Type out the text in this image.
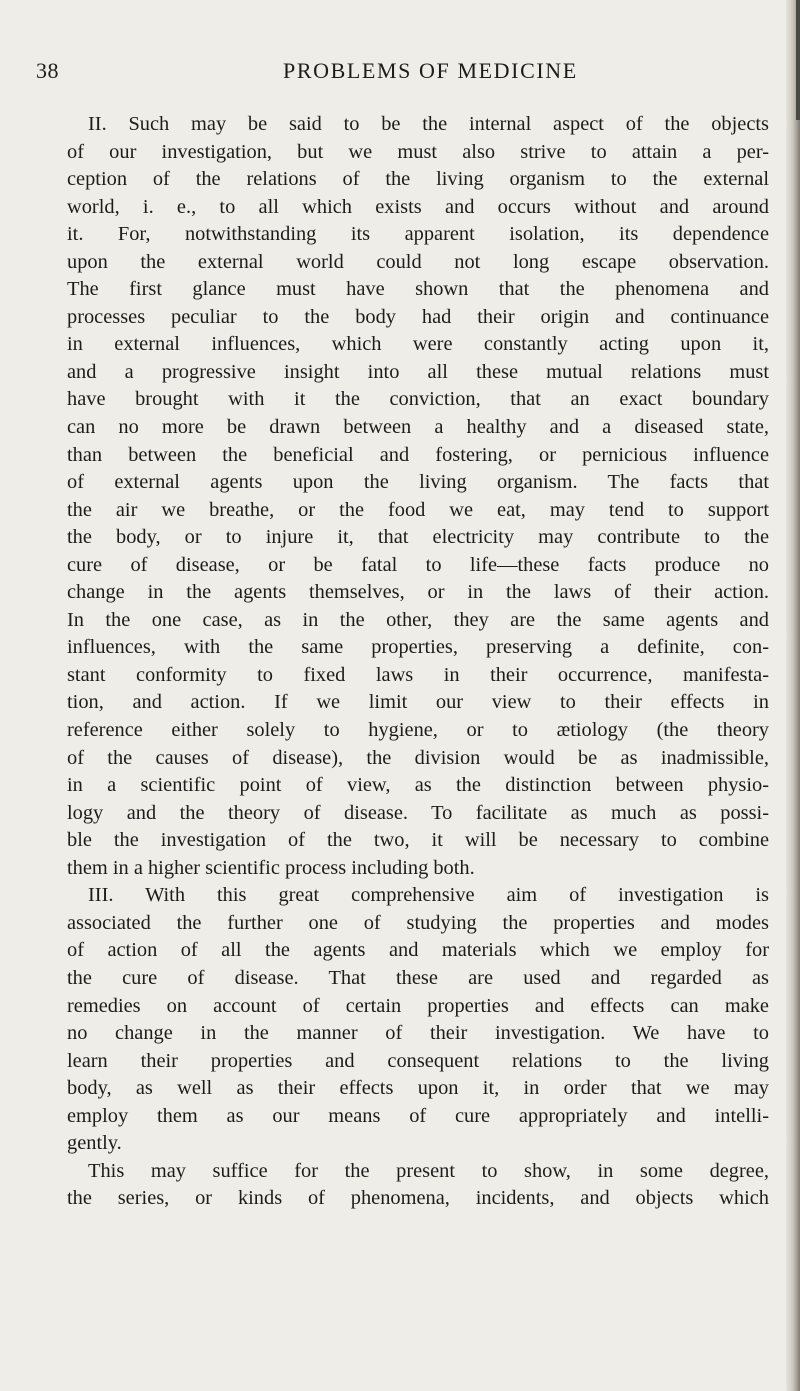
38	PROBLEMS OF MEDICINE
II. Such may be said to be the internal aspect of the objects
of our investigation, but we must also strive to attain a per-
ception of the relations of the living organism to the external
world, i. e., to all which exists and occurs without and around
it. For, notwithstanding its apparent isolation, its dependence
upon the external world could not long escape observation.
The first glance must have shown that the phenomena and
processes peculiar to the body had their origin and continuance
in external influences, which were constantly acting upon it,
and a progressive insight into all these mutual relations must
have brought with it the conviction, that an exact boundary
can no more be drawn between a healthy and a diseased state,
than between the beneficial and fostering, or pernicious influence
of external agents upon the living organism. The facts that
the air we breathe, or the food we eat, may tend to support
the body, or to injure it, that electricity may contribute to the
cure of disease, or be fatal to life—these facts produce no
change in the agents themselves, or in the laws of their action.
In the one case, as in the other, they are the same agents and
influences, with the same properties, preserving a definite, con-
stant conformity to fixed laws in their occurrence, manifesta-
tion, and action. If we limit our view to their effects in
reference either solely to hygiene, or to ætiology (the theory
of the causes of disease), the division would be as inadmissible,
in a scientific point of view, as the distinction between physio-
logy and the theory of disease. To facilitate as much as possi-
ble the investigation of the two, it will be necessary to combine
them in a higher scientific process including both.
III. With this great comprehensive aim of investigation is
associated the further one of studying the properties and modes
of action of all the agents and materials which we employ for
the cure of disease. That these are used and regarded as
remedies on account of certain properties and effects can make
no change in the manner of their investigation. We have to
learn their properties and consequent relations to the living
body, as well as their effects upon it, in order that we may
employ them as our means of cure appropriately and intelli-
gently.
This may suffice for the present to show, in some degree,
the series, or kinds of phenomena, incidents, and objects which
